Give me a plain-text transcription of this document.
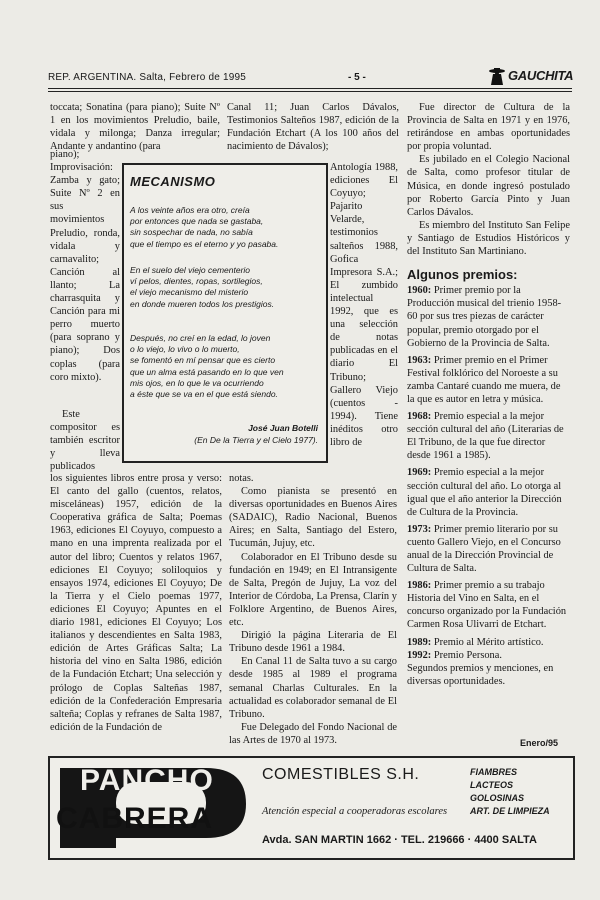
REP. ARGENTINA. Salta, Febrero de 1995	- 5 -	GAUCHITA

toccata; Sonatina (para piano); Suite Nº 1 en los movimientos Preludio, baile, vidala y milonga; Danza irregular; Andante y andantino (para

piano); Improvisación: Zamba y gato; Suite Nº 2 en sus movimientos Preludio, ronda, vidala y carnavalito; Canción al llanto; La charrasquita y Canción para mi perro muerto (para soprano y piano); Dos coplas (para coro mixto).

Este compositor es también escritor y lleva publicados

los siguientes libros entre prosa y verso: El canto del gallo (cuentos, relatos, misceláneas) 1957, edición de la Cooperativa gráfica de Salta; Poemas 1963, ediciones El Coyuyo, compuesto a mano en una imprenta realizada por el autor del libro; Cuentos y relatos 1967, ediciones El Coyuyo; soliloquios y ensayos 1974, ediciones El Coyuyo; De la Tierra y el Cielo poemas 1977, ediciones El Coyuyo; Apuntes en el diario 1981, ediciones El Coyuyo; Los italianos y descendientes en Salta 1983, edición de Artes Gráficas Salta; La historia del vino en Salta 1986, edición de la Fundación Etchart; Una selección y prólogo de Coplas Salteñas 1987, edición de la Confederación Empresaria salteña; Coplas y refranes de Salta 1987, edición de la Fundación de

Canal 11; Juan Carlos Dávalos, Testimonios Salteños 1987, edición de la Fundación Etchart (A los 100 años del nacimiento de Dávalos);

Antología 1988, ediciones El Coyuyo; Pajarito Velarde, testimonios salteños 1988, Gofica Impresora S.A.; El zumbido intelectual 1992, que es una selección de notas publicadas en el diario El Tribuno; Gallero Viejo (cuentos - 1994). Tiene inéditos otro libro de

notas.

Como pianista se presentó en diversas oportunidades en Buenos Aires (SADAIC), Radio Nacional, Buenos Aires; en Salta, Santiago del Estero, Tucumán, Jujuy, etc.

Colaborador en El Tribuno desde su fundación en 1949; en El Intransigente de Salta, Pregón de Jujuy, La voz del Interior de Córdoba, La Prensa, Clarín y Folklore Argentino, de Buenos Aires, etc.

Dirigió la página Literaria de El Tribuno desde 1961 a 1984.

En Canal 11 de Salta tuvo a su cargo desde 1985 al 1989 el programa semanal Charlas Culturales. En la actualidad es colaborador semanal de El Tribuno.

Fue Delegado del Fondo Nacional de las Artes de 1970 al 1973.

MECANISMO
A los veinte años era otro, creía
por entonces que nada se gastaba,
sin sospechar de nada, no sabía
que el tiempo es el eterno y yo pasaba.
En el suelo del viejo cementerio
ví pelos, dientes, ropas, sortilegios,
el viejo mecanismo del misterio
en donde mueren todos los prestigios.
Después, no creí en la edad, lo joven
o lo viejo, lo vivo o lo muerto,
se fomentó en mí pensar que es cierto
que un alma está pasando en lo que ven
mis ojos, en lo que le va ocurriendo
a éste que se va en el que está siendo.
José Juan Botelli
(En De la Tierra y el Cielo 1977).

Fue director de Cultura de la Provincia de Salta en 1971 y en 1976, retirándose en ambas oportunidades por propia voluntad.

Es jubilado en el Colegio Nacional de Salta, como profesor titular de Música, en donde ingresó postulado por Roberto García Pinto y Juan Carlos Dávalos.

Es miembro del Instituto San Felipe y Santiago de Estudios Históricos y del Instituto San Martiniano.

Algunos premios:
1960: Primer premio por la Producción musical del trienio 1958-60 por sus tres piezas de carácter popular, premio otorgado por el Gobierno de la Provincia de Salta.
1963: Primer premio en el Primer Festival folklórico del Noroeste a su zamba Cantaré cuando me muera, de la que es autor en letra y música.
1968: Premio especial a la mejor sección cultural del año (Literarias de El Tribuno, de la que fue director desde 1961 a 1985).
1969: Premio especial a la mejor sección cultural del año. Lo otorga al igual que el año anterior la Dirección de Cultura de la Provincia.
1973: Primer premio literario por su cuento Gallero Viejo, en el Concurso anual de la Dirección Provincial de Cultura de Salta.
1986: Primer premio a su trabajo Historia del Vino en Salta, en el concurso organizado por la Fundación Carmen Rosa Ulivarri de Etchart.
1989: Premio al Mérito artístico.
1992: Premio Persona.
Segundos premios y menciones, en diversas oportunidades.
Enero/95
PANCHO
CABRERA
COMESTIBLES S.H.
Atención especial a cooperadoras escolares
FIAMBRES
LACTEOS
GOLOSINAS
ART. DE LIMPIEZA
Avda. SAN MARTIN 1662 · TEL. 219666 · 4400 SALTA
